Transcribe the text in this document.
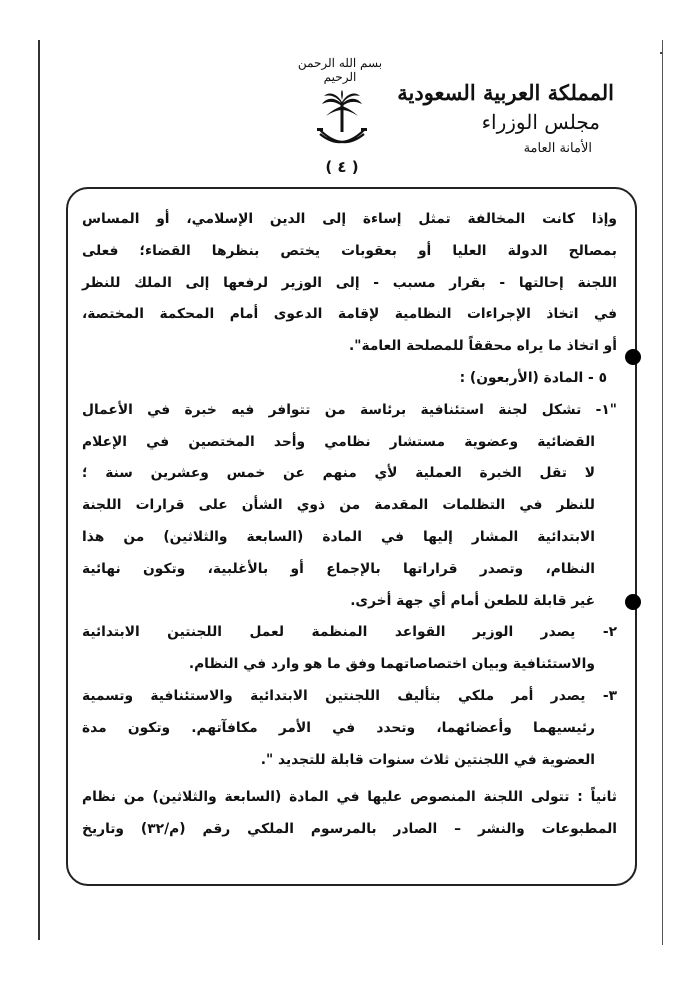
بسم الله الرحمن الرحيم
( ٤ )
المملكة العربية السعودية
مجلس الوزراء
الأمانة العامة
وإذا كانت المخالفة تمثل إساءة إلى الدين الإسلامي، أو المساس
بمصالح الدولة العليا أو بعقوبات يختص بنظرها القضاء؛ فعلى
اللجنة إحالتها - بقرار مسبب - إلى الوزير لرفعها إلى الملك للنظر
في اتخاذ الإجراءات النظامية لإقامة الدعوى أمام المحكمة المختصة،
أو اتخاذ ما يراه محققاً للمصلحة العامة".
٥ - المادة (الأربعون) :
"١- تشكل لجنة استئنافية برئاسة من تتوافر فيه خبرة في الأعمال
القضائية وعضوية مستشار نظامي وأحد المختصين في الإعلام
لا تقل الخبرة العملية لأي منهم عن خمس وعشرين سنة ؛
للنظر في التظلمات المقدمة من ذوي الشأن على قرارات اللجنة
الابتدائية المشار إليها في المادة (السابعة والثلاثين) من هذا
النظام، وتصدر قراراتها بالإجماع أو بالأغلبية، وتكون نهائية
غير قابلة للطعن أمام أي جهة أخرى.
٢- يصدر الوزير القواعد المنظمة لعمل اللجنتين الابتدائية
والاستئنافية وبيان اختصاصاتهما وفق ما هو وارد في النظام.
٣- يصدر أمر ملكي بتأليف اللجنتين الابتدائية والاستئنافية وتسمية
رئيسيهما وأعضائهما، وتحدد في الأمر مكافآتهم. وتكون مدة
العضوية في اللجنتين ثلاث سنوات قابلة للتجديد ".
ثانياً : تتولى اللجنة المنصوص عليها في المادة (السابعة والثلاثين) من نظام
المطبوعات والنشر – الصادر بالمرسوم الملكي رقم (م/٣٢) وتاريخ
